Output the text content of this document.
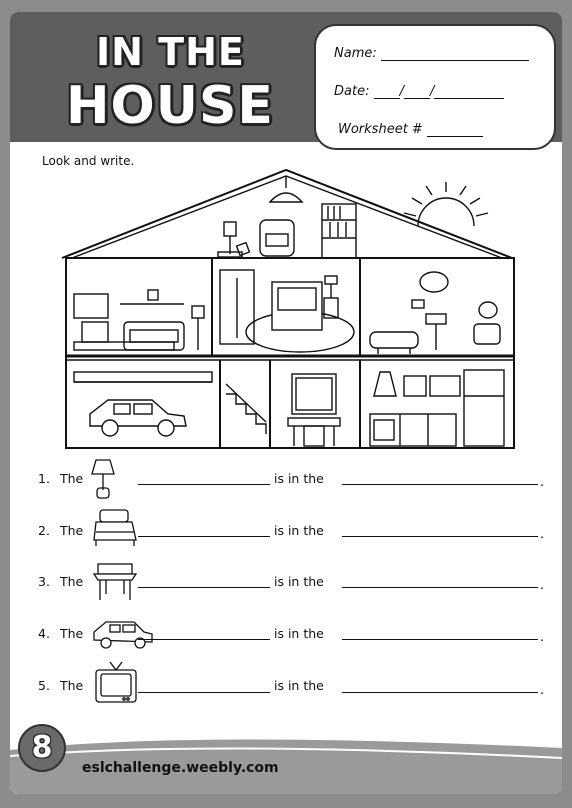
IN THE
HOUSE
Name:
Date: / /
Worksheet #
Look and write.
1. The	is in the	.
2. The	is in the	.
3. The	is in the	.
4. The	is in the	.
5. The	is in the	.
8
eslchallenge.weebly.com
